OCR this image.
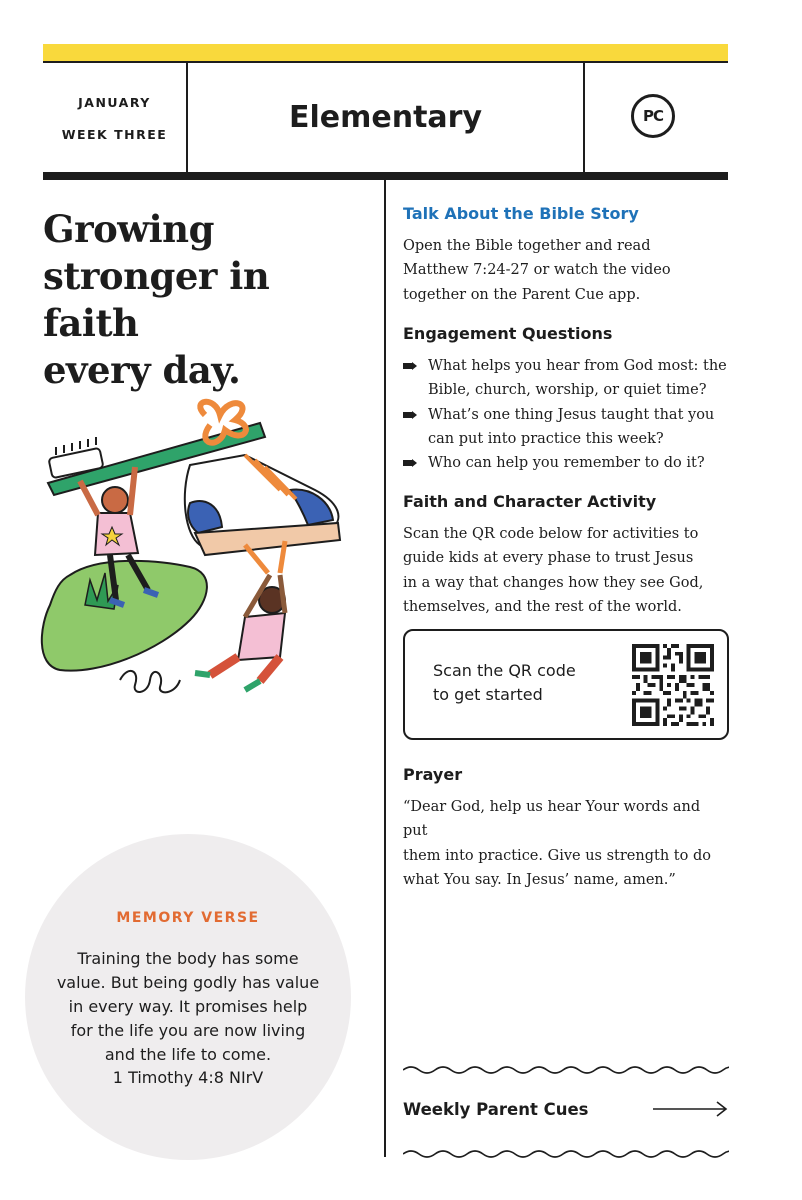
JANUARY
WEEK THREE	Elementary	PC
Growing
stronger in faith
every day.
MEMORY VERSE
Training the body has some
value. But being godly has value
in every way. It promises help
for the life you are now living
and the life to come.
1 Timothy 4:8 NIrV
Talk About the Bible Story
Open the Bible together and read
Matthew 7:24-27 or watch the video
together on the Parent Cue app.
Engagement Questions
What helps you hear from God most: the
Bible, church, worship, or quiet time?
What’s one thing Jesus taught that you
can put into practice this week?
Who can help you remember to do it?
Faith and Character Activity
Scan the QR code below for activities to
guide kids at every phase to trust Jesus
in a way that changes how they see God,
themselves, and the rest of the world.
Scan the QR code
to get started
Prayer
“Dear God, help us hear Your words and put
them into practice. Give us strength to do
what You say. In Jesus’ name, amen.”
Weekly Parent Cues
